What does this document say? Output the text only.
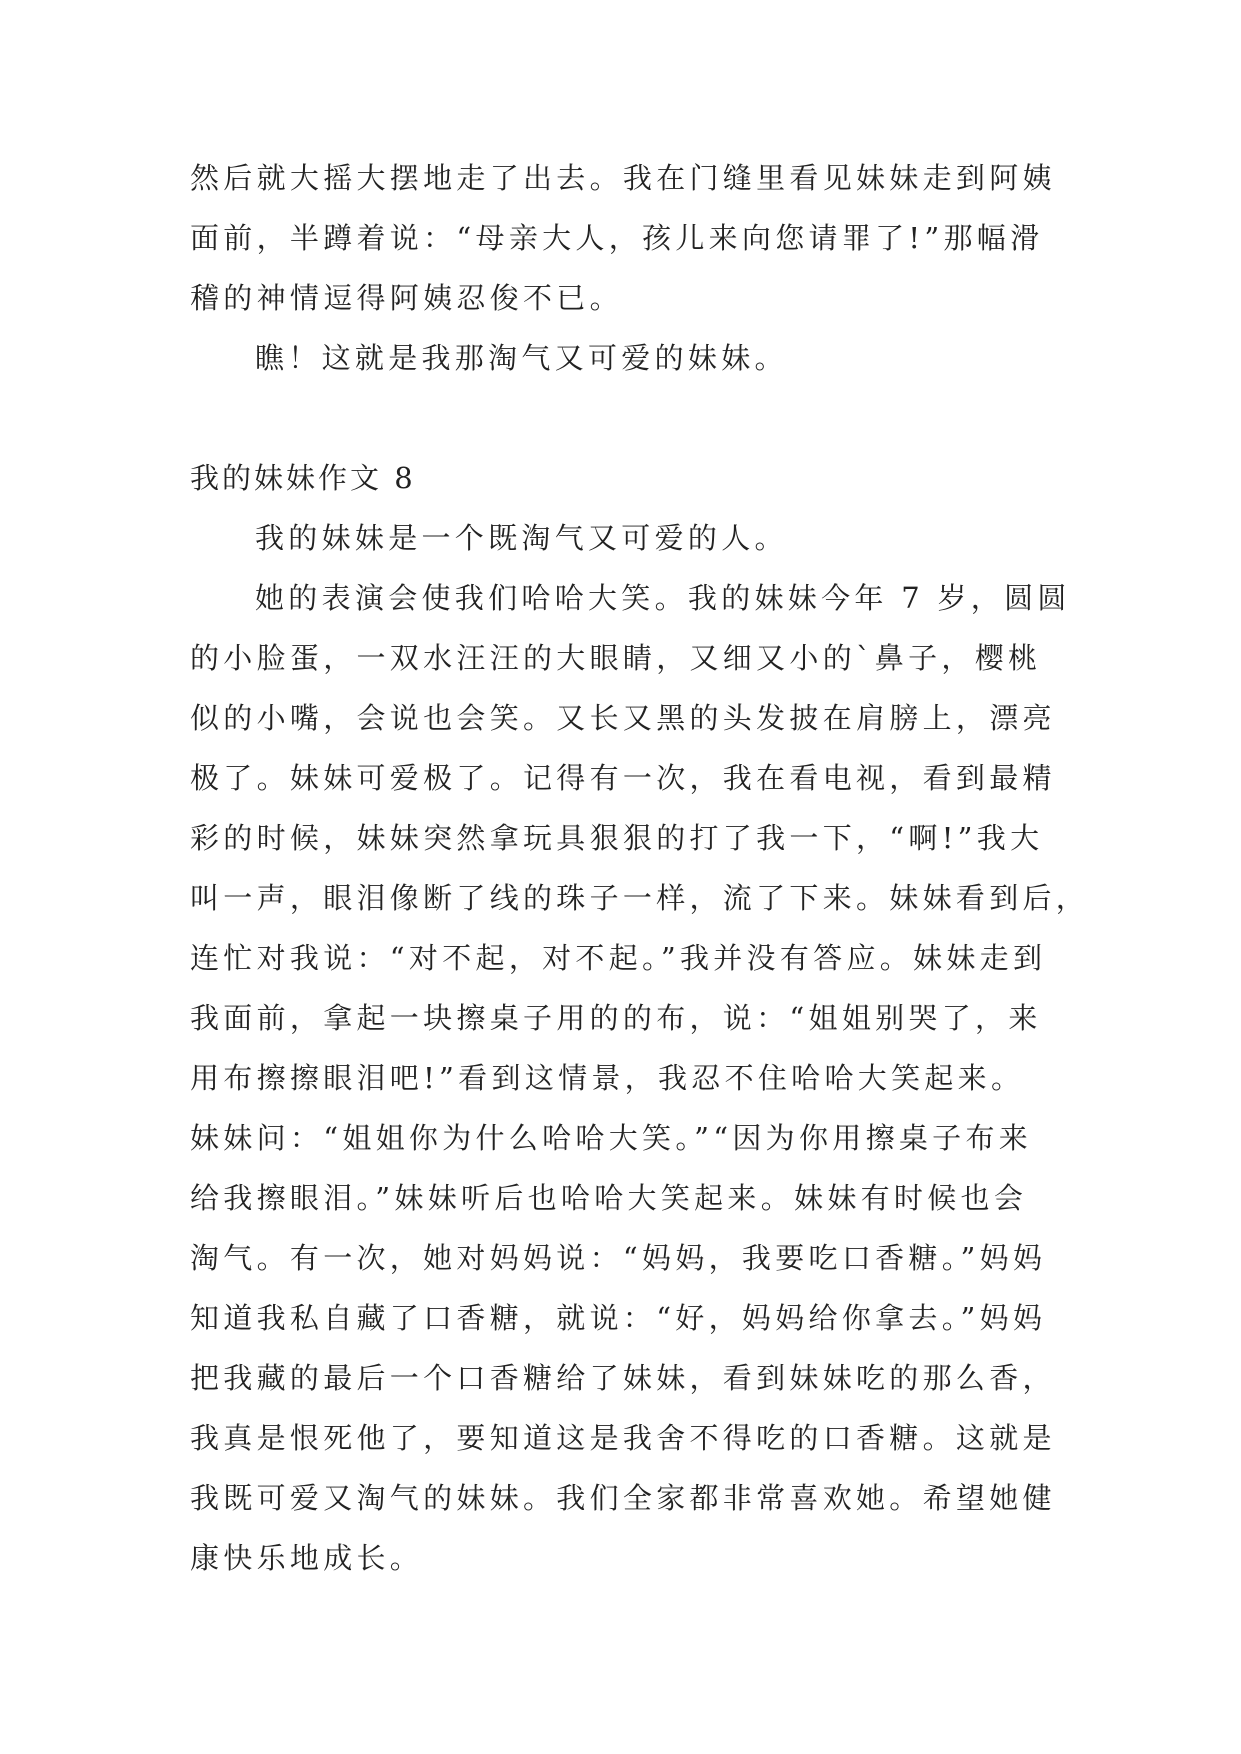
然后就大摇大摆地走了出去。我在门缝里看见妹妹走到阿姨
面前，半蹲着说：“母亲大人，孩儿来向您请罪了!”那幅滑
稽的神情逗得阿姨忍俊不已。
瞧！这就是我那淘气又可爱的妹妹。
我的妹妹作文 8
我的妹妹是一个既淘气又可爱的人。
她的表演会使我们哈哈大笑。我的妹妹今年 7 岁，圆圆
的小脸蛋，一双水汪汪的大眼睛，又细又小的`鼻子，樱桃
似的小嘴，会说也会笑。又长又黑的头发披在肩膀上，漂亮
极了。妹妹可爱极了。记得有一次，我在看电视，看到最精
彩的时候，妹妹突然拿玩具狠狠的打了我一下，“啊!”我大
叫一声，眼泪像断了线的珠子一样，流了下来。妹妹看到后，
连忙对我说：“对不起，对不起。”我并没有答应。妹妹走到
我面前，拿起一块擦桌子用的的布，说：“姐姐别哭了，来
用布擦擦眼泪吧!”看到这情景，我忍不住哈哈大笑起来。
妹妹问：“姐姐你为什么哈哈大笑。”“因为你用擦桌子布来
给我擦眼泪。”妹妹听后也哈哈大笑起来。妹妹有时候也会
淘气。有一次，她对妈妈说：“妈妈，我要吃口香糖。”妈妈
知道我私自藏了口香糖，就说：“好，妈妈给你拿去。”妈妈
把我藏的最后一个口香糖给了妹妹，看到妹妹吃的那么香，
我真是恨死他了，要知道这是我舍不得吃的口香糖。这就是
我既可爱又淘气的妹妹。我们全家都非常喜欢她。希望她健
康快乐地成长。
